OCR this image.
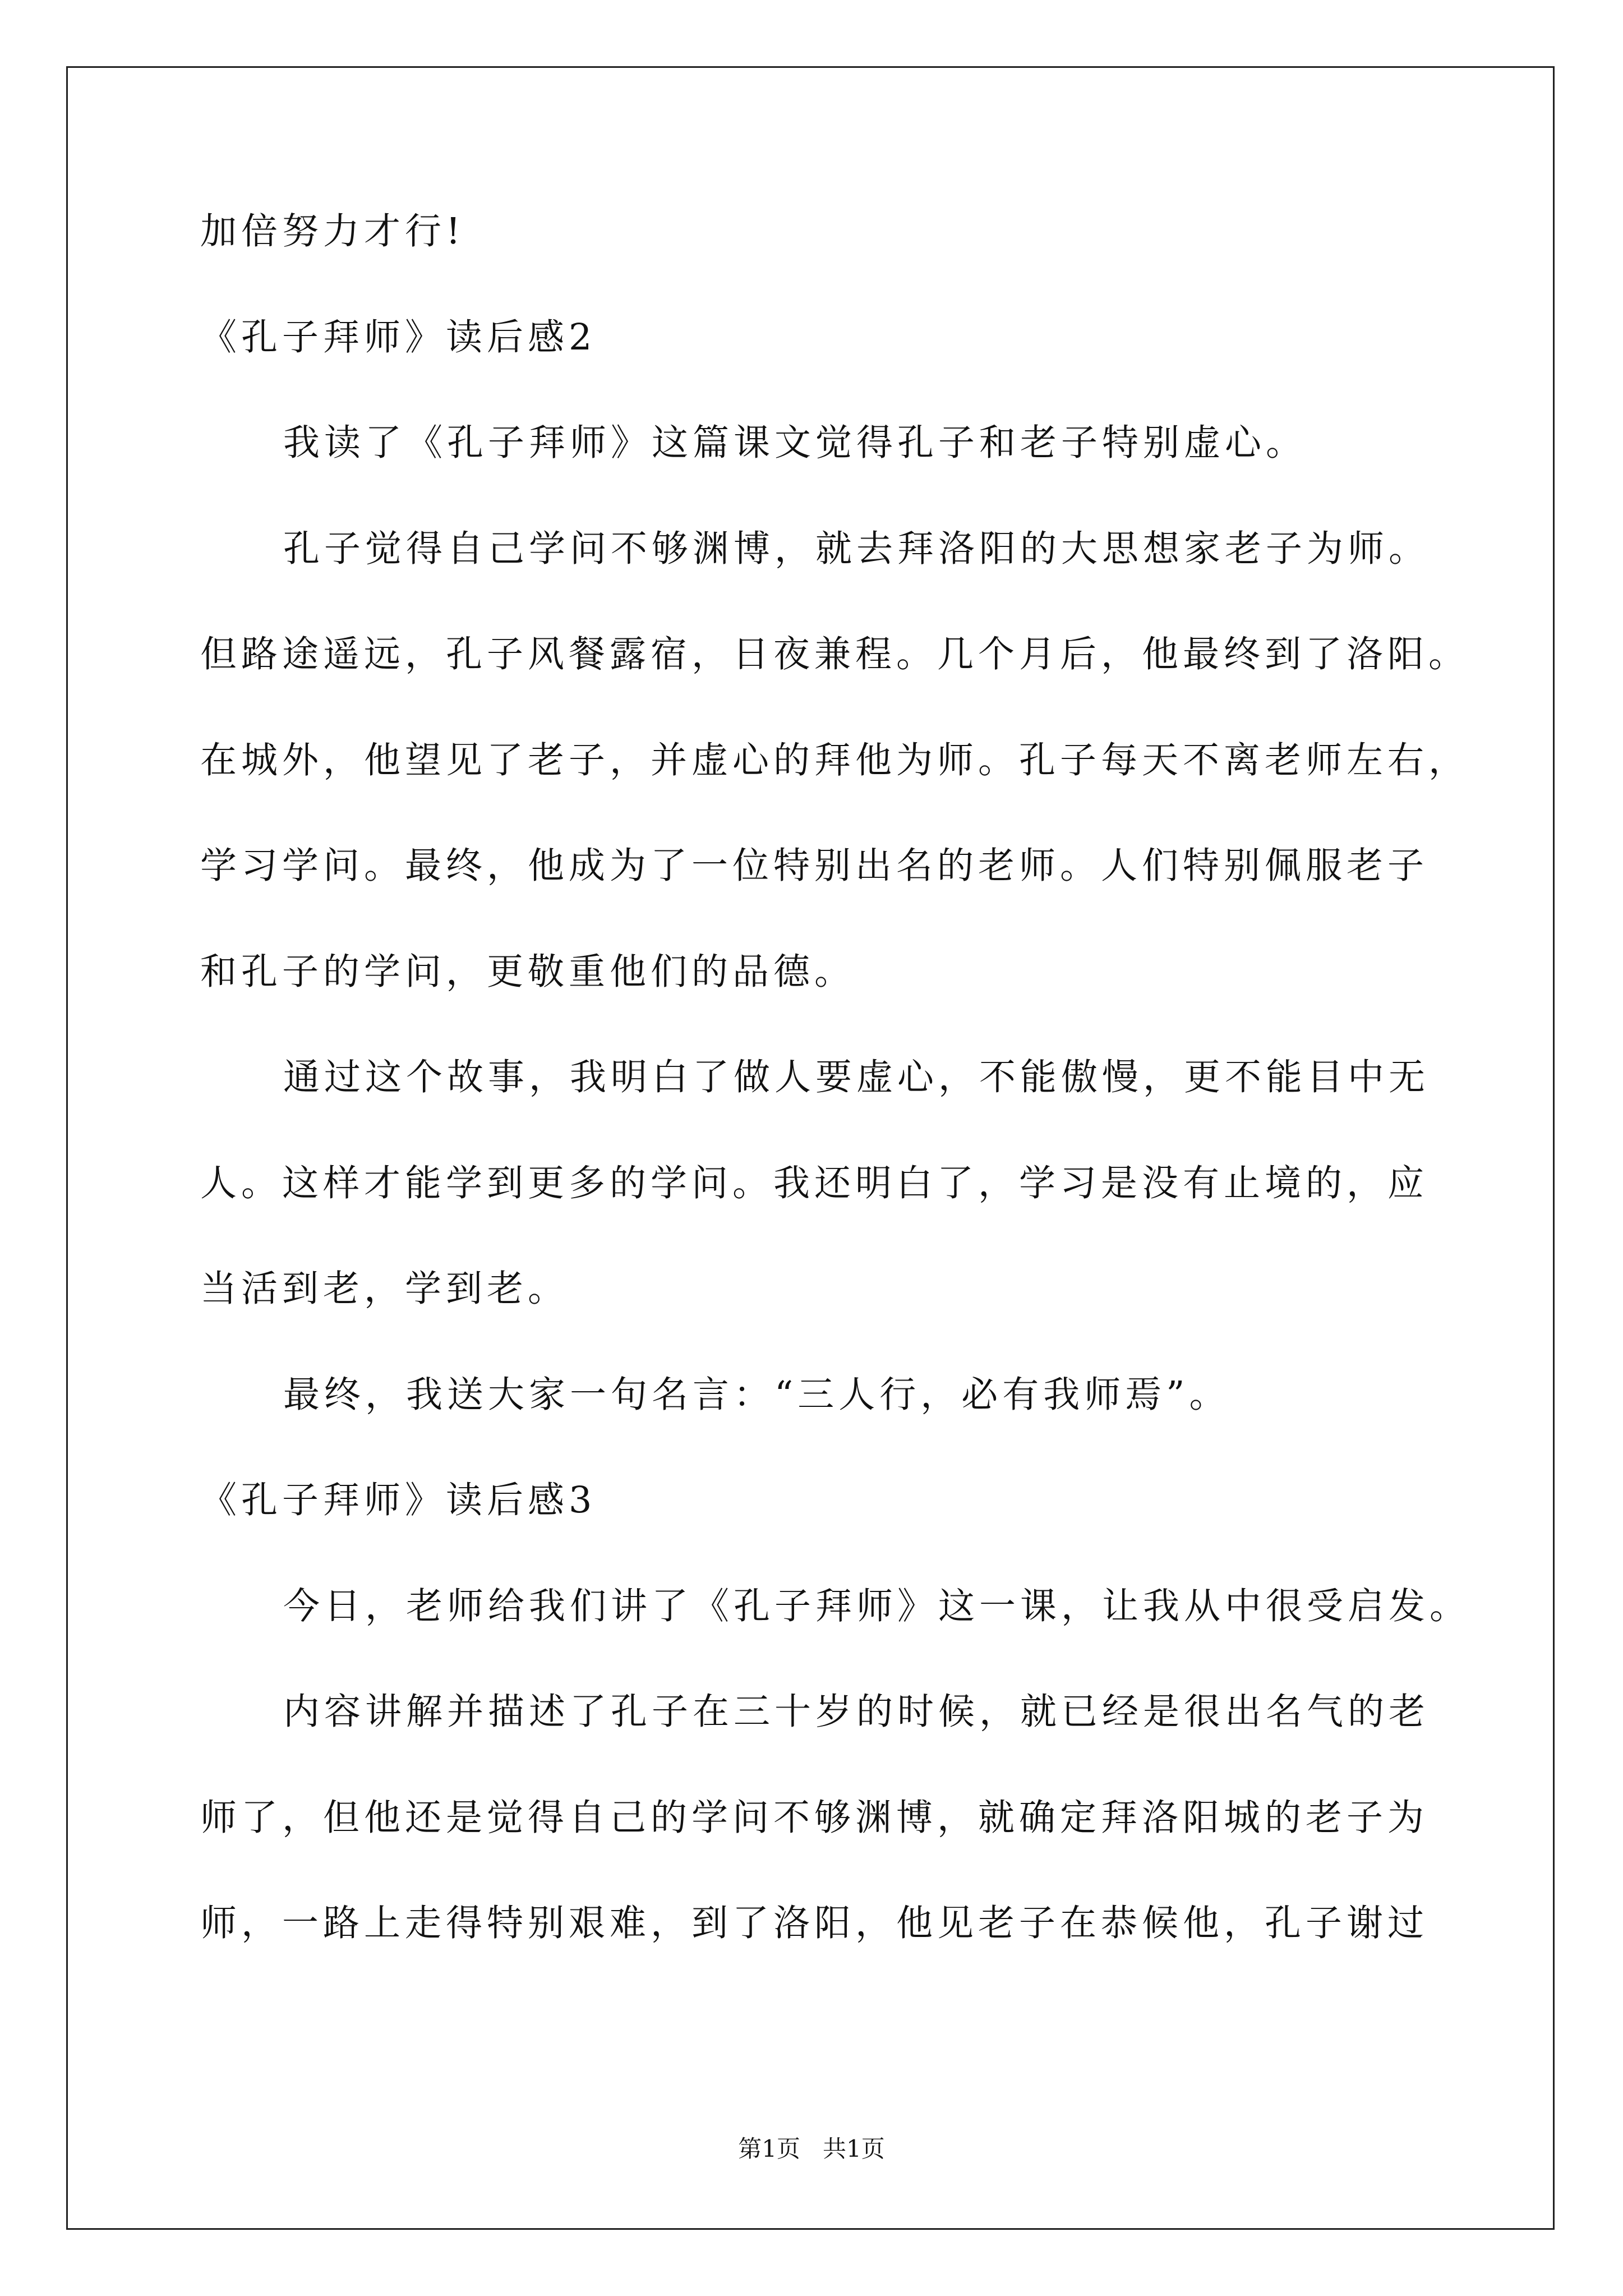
加倍努力才行!
《孔子拜师》读后感2
我读了《孔子拜师》这篇课文觉得孔子和老子特别虚心。
孔子觉得自己学问不够渊博，就去拜洛阳的大思想家老子为师。
但路途遥远，孔子风餐露宿，日夜兼程。几个月后，他最终到了洛阳。
在城外，他望见了老子，并虚心的拜他为师。孔子每天不离老师左右，
学习学问。最终，他成为了一位特别出名的老师。人们特别佩服老子
和孔子的学问，更敬重他们的品德。
通过这个故事，我明白了做人要虚心，不能傲慢，更不能目中无
人。这样才能学到更多的学问。我还明白了，学习是没有止境的，应
当活到老，学到老。
最终，我送大家一句名言：“三人行，必有我师焉”。
《孔子拜师》读后感3
今日，老师给我们讲了《孔子拜师》这一课，让我从中很受启发。
内容讲解并描述了孔子在三十岁的时候，就已经是很出名气的老
师了，但他还是觉得自己的学问不够渊博，就确定拜洛阳城的老子为
师，一路上走得特别艰难，到了洛阳，他见老子在恭候他，孔子谢过
第1页   共1页
